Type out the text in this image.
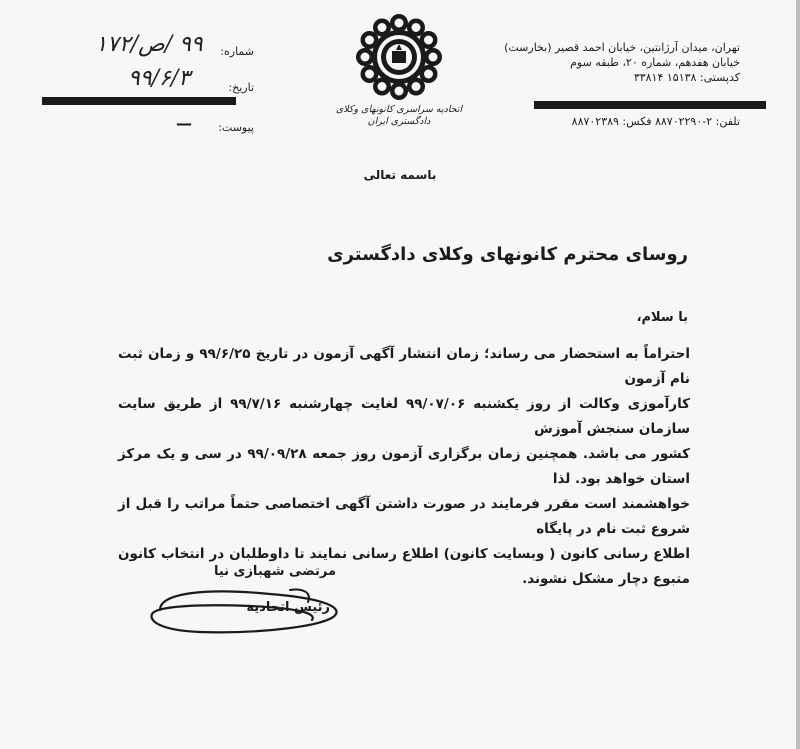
تهران، میدان آرژانتین، خیابان احمد قصیر (بخارست)
خیابان هفدهم، شماره ۲۰، طبقه سوم
کدپستی: ۱۵۱۳۸ ۳۳۸۱۴
تلفن: ۲-۸۸۷۰۲۲۹۰ فکس: ۸۸۷۰۲۳۸۹
اتحادیه سراسری کانونهای وکلای دادگستری ایران
شماره:
۹۹ /ص/۱۷۲
تاریخ:
۹۹/۶/۳
پیوست:
—
باسمه تعالی
روسای محترم کانونهای وکلای دادگستری
با سلام،
احتراماً به استحضار می رساند؛ زمان انتشار آگهی آزمون در تاریخ ۹۹/۶/۲۵ و زمان ثبت نام آزمون
کارآموزی وکالت از روز یکشنبه ۹۹/۰۷/۰۶ لغایت چهارشنبه ۹۹/۷/۱۶ از طریق سایت سازمان سنجش آموزش
کشور می باشد. همچنین زمان برگزاری آزمون روز جمعه ۹۹/۰۹/۲۸ در سی و یک مرکز استان خواهد بود. لذا
خواهشمند است مقرر فرمایند در صورت داشتن آگهی اختصاصی حتماً مراتب را قبل از شروع ثبت نام در پایگاه
اطلاع رسانی کانون ( وبسایت کانون) اطلاع رسانی نمایند تا داوطلبان در انتخاب کانون متبوع دچار مشکل نشوند.
مرتضی شهبازی نیا
رئیس اتحادیه
